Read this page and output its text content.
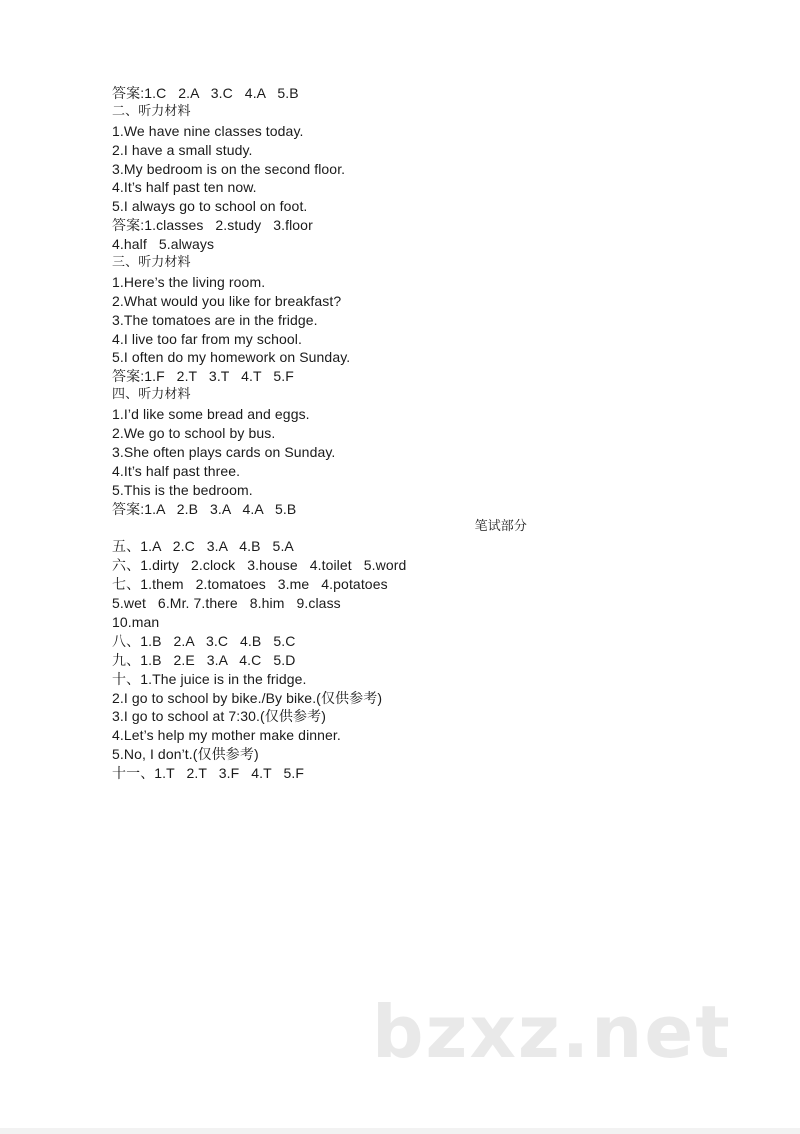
答案:1.C   2.A   3.C   4.A   5.B
二、听力材料
1.We have nine classes today.
2.I have a small study.
3.My bedroom is on the second floor.
4.It’s half past ten now.
5.I always go to school on foot.
答案:1.classes   2.study   3.floor
4.half   5.always
三、听力材料
1.Here’s the living room.
2.What would you like for breakfast?
3.The tomatoes are in the fridge.
4.I live too far from my school.
5.I often do my homework on Sunday.
答案:1.F   2.T   3.T   4.T   5.F
四、听力材料
1.I’d like some bread and eggs.
2.We go to school by bus.
3.She often plays cards on Sunday.
4.It’s half past three.
5.This is the bedroom.
答案:1.A   2.B   3.A   4.A   5.B
笔试部分
五、1.A   2.C   3.A   4.B   5.A
六、1.dirty   2.clock   3.house   4.toilet   5.word
七、1.them   2.tomatoes   3.me   4.potatoes
5.wet   6.Mr. 7.there   8.him   9.class
10.man
八、1.B   2.A   3.C   4.B   5.C
九、1.B   2.E   3.A   4.C   5.D
十、1.The juice is in the fridge.
2.I go to school by bike./By bike.(仅供参考)
3.I go to school at 7:30.(仅供参考)
4.Let’s help my mother make dinner.
5.No, I don’t.(仅供参考)
十一、1.T   2.T   3.F   4.T   5.F
bzxz.net
